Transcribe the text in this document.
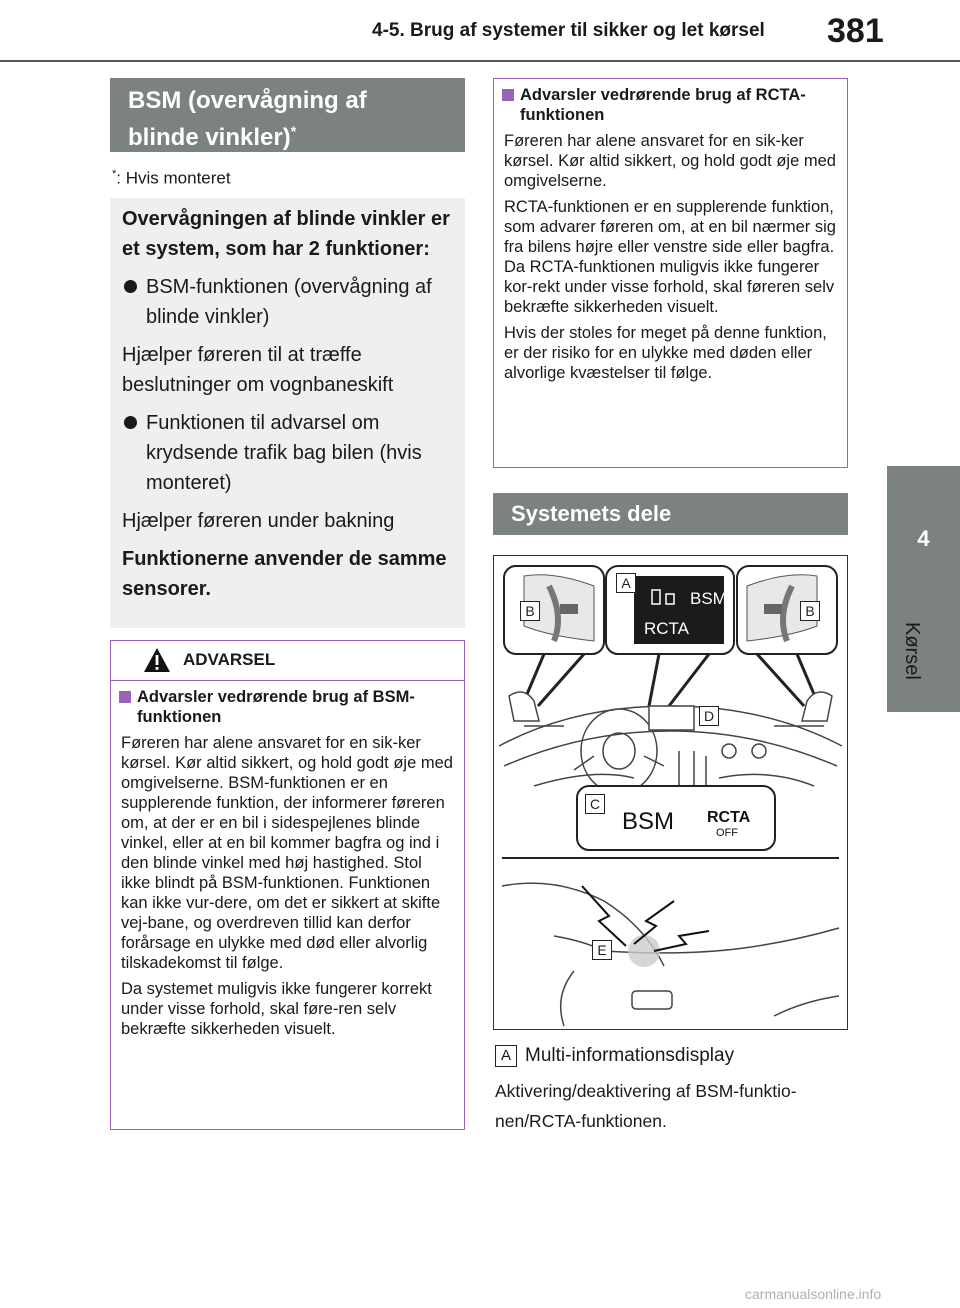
4-5. Brug af systemer til sikker og let kørsel 381
4
Kørsel
BSM (overvågning af
blinde vinkler)*
*: Hvis monteret
Overvågningen af blinde vinkler er et system, som har 2 funktioner:
BSM-funktionen (overvågning af blinde vinkler)
Hjælper føreren til at træffe beslutninger om vognbaneskift
Funktionen til advarsel om krydsende trafik bag bilen (hvis monteret)
Hjælper føreren under bakning
Funktionerne anvender de samme sensorer.
ADVARSEL
Advarsler vedrørende brug af BSM-funktionen
Føreren har alene ansvaret for en sik-ker kørsel. Kør altid sikkert, og hold godt øje med omgivelserne. BSM-funktionen er en supplerende funktion, der informerer føreren om, at der er en bil i sidespejlenes blinde vinkel, eller at en bil kommer bagfra og ind i den blinde vinkel med høj hastighed. Stol ikke blindt på BSM-funktionen. Funktionen kan ikke vur-dere, om det er sikkert at skifte vej-bane, og overdreven tillid kan derfor forårsage en ulykke med død eller alvorlig tilskadekomst til følge.
Da systemet muligvis ikke fungerer korrekt under visse forhold, skal føre-ren selv bekræfte sikkerheden visuelt.
Advarsler vedrørende brug af RCTA-funktionen
Føreren har alene ansvaret for en sik-ker kørsel. Kør altid sikkert, og hold godt øje med omgivelserne.
RCTA-funktionen er en supplerende funktion, som advarer føreren om, at en bil nærmer sig fra bilens højre eller venstre side eller bagfra. Da RCTA-funktionen muligvis ikke fungerer kor-rekt under visse forhold, skal føreren selv bekræfte sikkerheden visuelt.
Hvis der stoles for meget på denne funktion, er der risiko for en ulykke med døden eller alvorlige kvæstelser til følge.
Systemets dele
BSM
RCTA
BSM RCTA
OFF
B
A
B
D
C
E
A Multi-informationsdisplay
Aktivering/deaktivering af BSM-funktio-nen/RCTA-funktionen.
carmanualsonline.info
